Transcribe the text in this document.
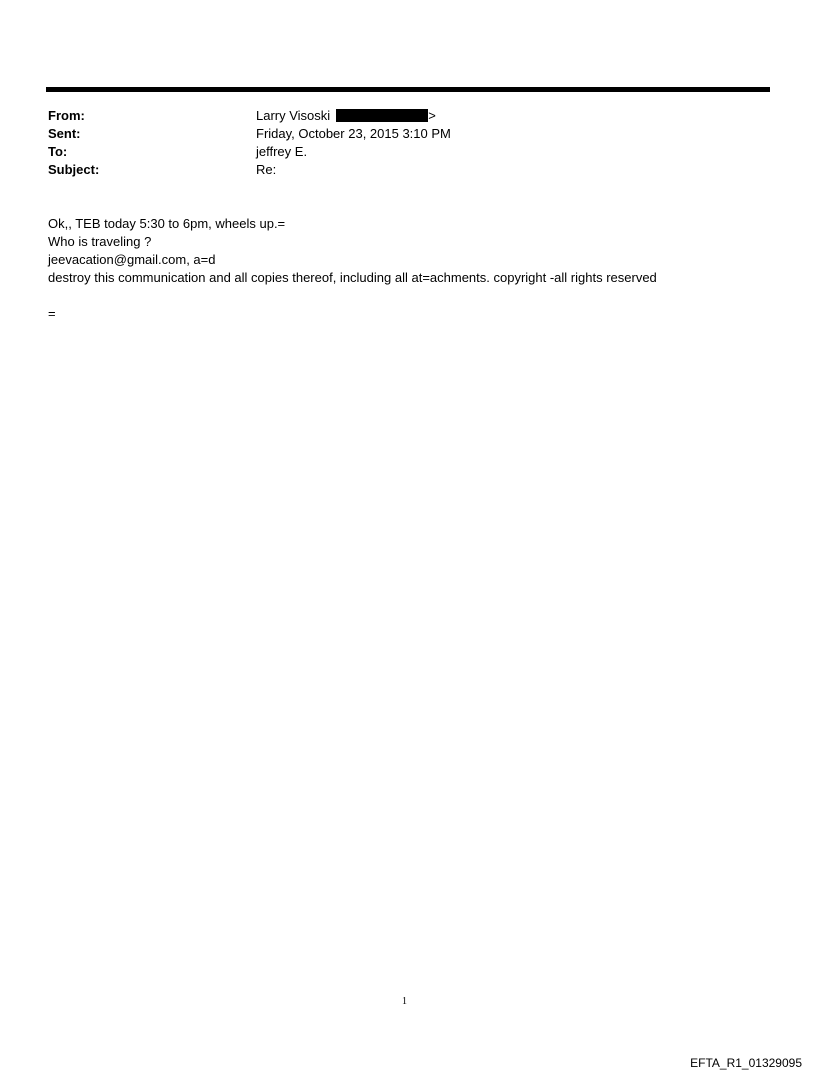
From:	Larry Visoski	>
Sent:	Friday, October 23, 2015 3:10 PM
To:	jeffrey E.
Subject:	Re:
Ok,, TEB today 5:30 to 6pm, wheels up.=
Who is traveling ?
jeevacation@gmail.com, a=d
destroy this communication and all copies thereof, including all at=achments. copyright -all rights reserved
=
1
EFTA_R1_01329095
